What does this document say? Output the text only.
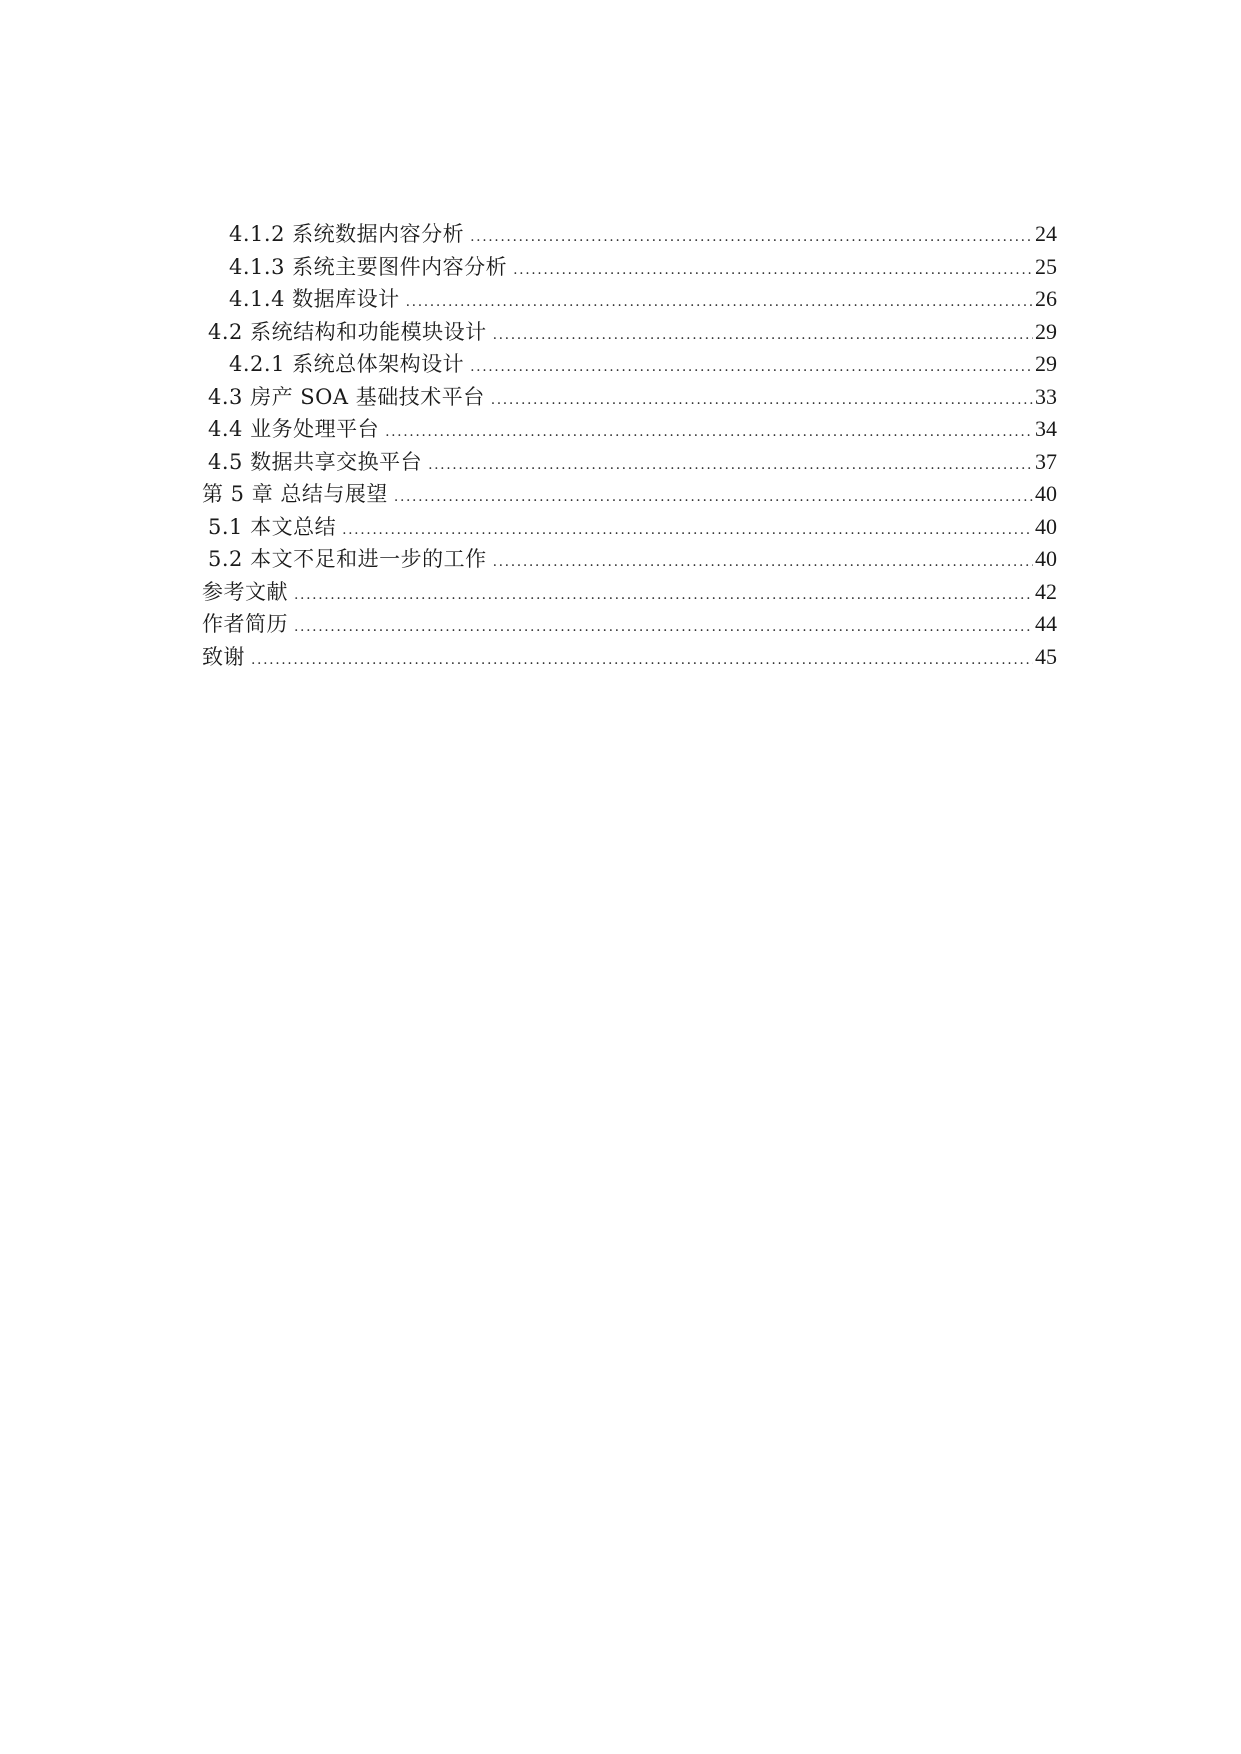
4.1.2 系统数据内容分析 .....	24
4.1.3 系统主要图件内容分析 .....	25
4.1.4 数据库设计 .....	26
4.2 系统结构和功能模块设计 .....	29
4.2.1 系统总体架构设计 .....	29
4.3 房产 SOA 基础技术平台 .....	33
4.4 业务处理平台 .....	34
4.5 数据共享交换平台 .....	37
第 5 章 总结与展望 .....	40
5.1 本文总结 .....	40
5.2 本文不足和进一步的工作 .....	40
参考文献 .....	42
作者简历 .....	44
致谢 .....	45
